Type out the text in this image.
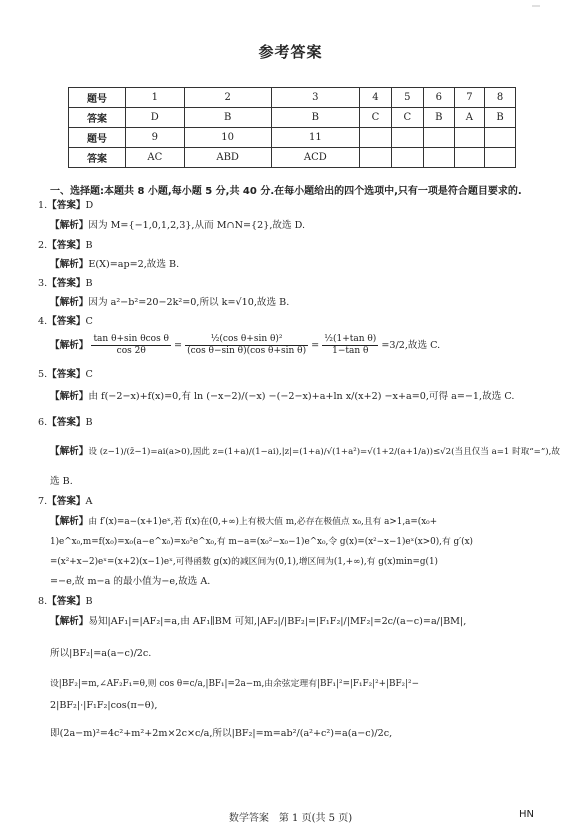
参考答案
题号	1	2	3	4	5	6	7	8
答案	D	B	B	C	C	B	A	B
题号	9	10	11					
答案	AC	ABD	ACD					
一、选择题:本题共 8 小题,每小题 5 分,共 40 分.在每小题给出的四个选项中,只有一项是符合题目要求的.
1.【答案】D
【解析】因为 M={−1,0,1,2,3},从而 M∩N={2},故选 D.
2.【答案】B
【解析】E(X)=ap=2,故选 B.
3.【答案】B
【解析】因为 a²−b²=20−2k²=0,所以 k=√10,故选 B.
4.【答案】C
【解析】 $\frac{\text{tan θ+sin θcos θ}}{\cos 2\theta} = \frac{\text{½(cos θ+sin θ)²}}{\text{(cos θ−sin θ)(cos θ+sin θ)}} = \frac{\text{½(1+tan θ)}}{\text{1−tan θ}} =3/2$,故选 C.
5.【答案】C
【解析】由 f(−2−x)+f(x)=0,有 ln (−x−2)/(−x) −(−2−x)+a+ln x/(x+2) −x+a=0,可得 a=−1,故选 C.
6.【答案】B
【解析】设 (z−1)/(z̄−1)=ai(a>0),因此 z=(1+a)/(1−ai),|z|=(1+a)/√(1+a²)=√(1+2/(a+1/a))≤√2(当且仅当 a=1 时取“=”),故
选 B.
7.【答案】A
【解析】由 f′(x)=a−(x+1)eˣ,若 f(x)在(0,+∞)上有极大值 m,必存在极值点 x₀,且有 a>1,a=(x₀+
1)e^x₀,m=f(x₀)=x₀(a−e^x₀)=x₀²e^x₀,有 m−a=(x₀²−x₀−1)e^x₀,令 g(x)=(x²−x−1)eˣ(x>0),有 g′(x)
=(x²+x−2)eˣ=(x+2)(x−1)eˣ,可得函数 g(x)的减区间为(0,1),增区间为(1,+∞),有 g(x)min=g(1)
=−e,故 m−a 的最小值为−e,故选 A.
8.【答案】B
【解析】易知|AF₁|=|AF₂|=a,由 AF₁∥BM 可知,|AF₂|/|BF₂|=|F₁F₂|/|MF₂|=2c/(a−c)=a/|BM|,
所以|BF₂|=a(a−c)/2c.
设|BF₂|=m,∠AF₂F₁=θ,则 cos θ=c/a,|BF₁|=2a−m,由余弦定理有|BF₁|²=|F₁F₂|²+|BF₂|²−
2|BF₂|·|F₁F₂|cos(π−θ),
即(2a−m)²=4c²+m²+2m×2c×c/a,所以|BF₂|=m=ab²/(a²+c²)=a(a−c)/2c,
数学答案　第 1 页(共 5 页)	HN
